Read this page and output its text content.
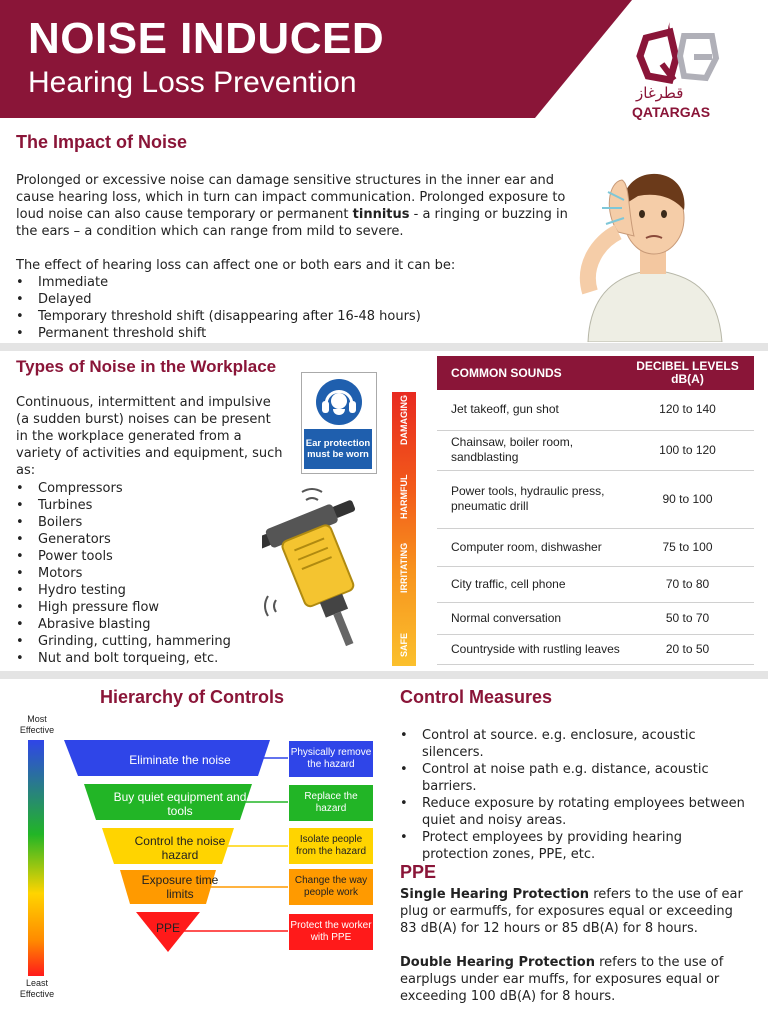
NOISE INDUCED
Hearing Loss Prevention	قطرغاز
QATARGAS
The Impact of Noise
Prolonged or excessive noise can damage sensitive structures in the inner ear and cause hearing loss, which in turn can impact communication. Prolonged exposure to loud noise can also cause temporary or permanent tinnitus - a ringing or buzzing in the ears – a condition which can range from mild to severe.
The effect of hearing loss can affect one or both ears and it can be:
• Immediate
• Delayed
• Temporary threshold shift (disappearing after 16-48 hours)
• Permanent threshold shift
Types of Noise in the Workplace
Continuous, intermittent and impulsive (a sudden burst) noises can be present in the workplace generated from a variety of activities and equipment, such as:
• Compressors
• Turbines
• Boilers
• Generators
• Power tools
• Motors
• Hydro testing
• High pressure flow
• Abrasive blasting
• Grinding, cutting, hammering
• Nut and bolt torqueing, etc.
Ear protection must be worn
DAMAGING
HARMFUL
IRRITATING
SAFE
COMMON SOUNDS	DECIBEL LEVELS dB(A)
Jet takeoff, gun shot	120 to 140
Chainsaw, boiler room, sandblasting	100 to 120
Power tools, hydraulic press, pneumatic drill	90 to 100
Computer room, dishwasher	75 to 100
City traffic, cell phone	70 to 80
Normal conversation	50 to 70
Countryside with rustling leaves	20 to 50
Hierarchy of Controls
Most Effective
Least Effective
Eliminate the noise
Buy quiet equipment and tools
Control the noise hazard
Exposure time limits
PPE
Physically remove the hazard
Replace the hazard
Isolate people from the hazard
Change the way people work
Protect the worker with PPE
Control Measures
• Control at source. e.g. enclosure, acoustic silencers.
• Control at noise path e.g. distance, acoustic barriers.
• Reduce exposure by rotating employees between quiet and noisy areas.
• Protect employees by providing hearing protection zones, PPE, etc.
PPE
Single Hearing Protection refers to the use of ear plug or earmuffs, for exposures equal or exceeding 83 dB(A) for 12 hours or 85 dB(A) for 8 hours.
Double Hearing Protection refers to the use of earplugs under ear muffs, for exposures equal or exceeding 100 dB(A) for 8 hours.
